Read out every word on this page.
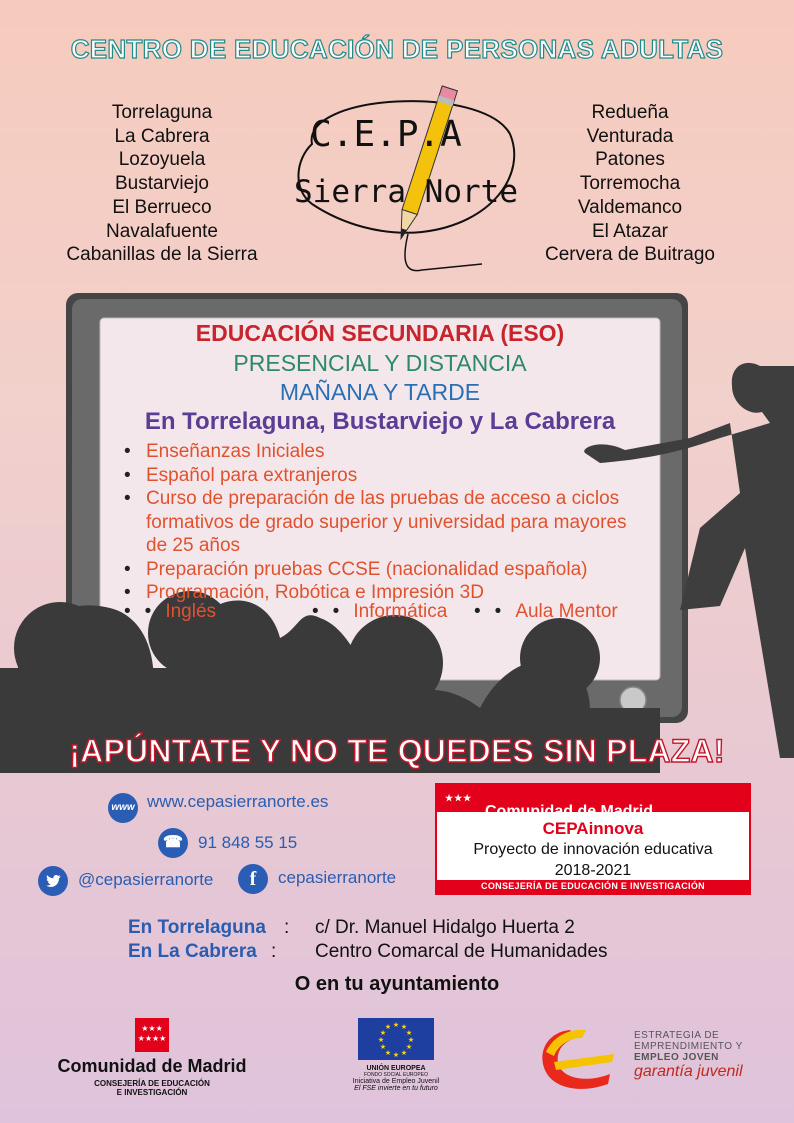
CENTRO DE EDUCACIÓN DE PERSONAS ADULTAS
Torrelaguna
La Cabrera
Lozoyuela
Bustarviejo
El Berrueco
Navalafuente
Cabanillas de la Sierra
Redueña
Venturada
Patones
Torremocha
Valdemanco
El Atazar
Cervera de Buitrago
C.E.P.A
Sierra Norte
EDUCACIÓN SECUNDARIA (ESO)
PRESENCIAL Y DISTANCIA
MAÑANA Y TARDE
En Torrelaguna, Bustarviejo y La Cabrera
• Enseñanzas Iniciales
• Español para extranjeros
• Curso de preparación de las pruebas de acceso a ciclos formativos de grado superior y universidad para mayores de 25 años
• Preparación pruebas CCSE (nacionalidad española)
• Programación, Robótica e Impresión 3D
• • Inglés	• • Informática	• • Aula Mentor
¡APÚNTATE Y NO TE QUEDES SIN PLAZA!
www www.cepasierranorte.es
☎ 91 848 55 15
@cepasierranorte	f	cepasierranorte
★★★
★★★★Comunidad de Madrid
CEPAinnova
Proyecto de innovación educativa
2018-2021
CONSEJERÍA DE EDUCACIÓN E INVESTIGACIÓN
En Torrelaguna : c/ Dr. Manuel Hidalgo Huerta 2
En La Cabrera : Centro Comarcal de Humanidades
O en tu ayuntamiento
★★★
★★★★
Comunidad de Madrid
CONSEJERÍA DE EDUCACIÓN
E INVESTIGACIÓN
★ ★
★
★
★
★
★
★
★
★
★
★
UNIÓN EUROPEA
FONDO SOCIAL EUROPEO
Iniciativa de Empleo Juvenil
El FSE invierte en tu futuro
ESTRATEGIA DE
EMPRENDIMIENTO Y
EMPLEO JOVEN
garantía juvenil
